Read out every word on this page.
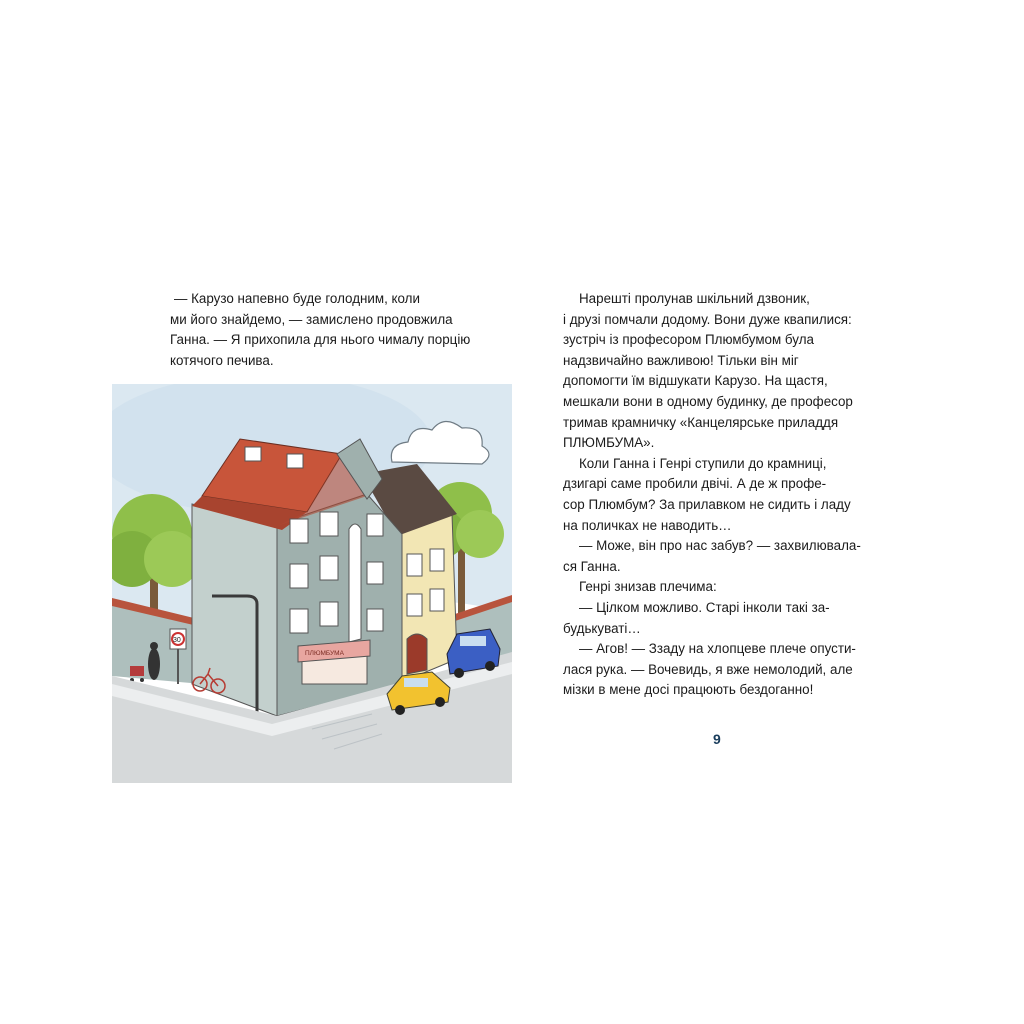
— Карузо напевно буде голодним, коли
ми його знайдемо, — замислено продовжила
Ганна. — Я прихопила для нього чималу порцію
котячого печива.
ПЛЮМБУМА
30
Нарешті пролунав шкільний дзвоник,
і друзі помчали додому. Вони дуже квапилися:
зустріч із професором Плюмбумом була
надзвичайно важливою! Тільки він міг
допомогти їм відшукати Карузо. На щастя,
мешкали вони в одному будинку, де професор
тримав крамничку «Канцелярське приладдя
ПЛЮМБУМА».
Коли Ганна і Генрі ступили до крамниці,
дзигарі саме пробили двічі. А де ж профе-
сор Плюмбум? За прилавком не сидить і ладу
на поличках не наводить…
— Може, він про нас забув? — захвилювала-
ся Ганна.
Генрі знизав плечима:
— Цілком можливо. Старі інколи такі за-
будькуваті…
— Агов! — Ззаду на хлопцеве плече опусти-
лася рука. — Вочевидь, я вже немолодий, але
мізки в мене досі працюють бездоганно!
9
